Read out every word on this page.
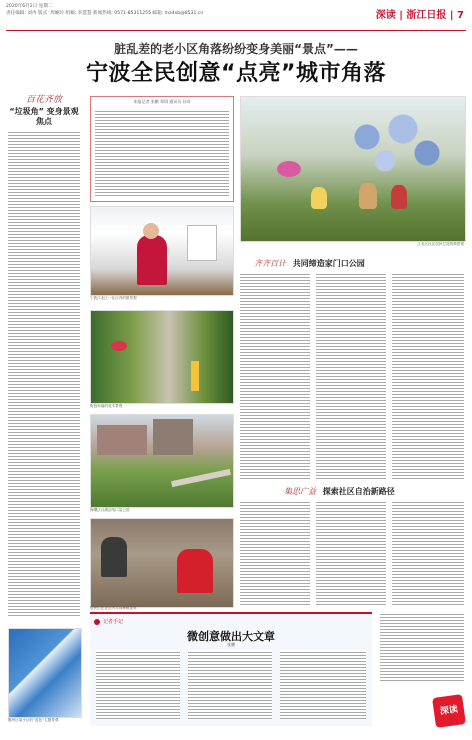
2020年6月2日 星期二
责任编辑: 刘冉 版式: 周娴玲 组稿: 李慧慧 新闻热线: 0571-85311255 邮箱: mzdxb@8531.cn	深读 | 浙江日报 | 7
脏乱差的老小区角落纷纷变身美丽“景点”——
宁波全民创意“点亮”城市角落
百花齐放
“垃圾角” 变身景观焦点
鄞州区某小区的“蓝色”主题景观
本报记者 张鹏 郑琪 通讯员 孙奇
宁波江北区一社区内的微景观
街巷角落的花木景观
海曙区月湖沿线口袋公园
居民们在社区内共同种植花草
江北区社区居民打造的微景观
齐齐百计 共同缔造家门口公园
集思广益 探索社区自治新路径
记者手记
微创意做出大文章
张鹏
深读
